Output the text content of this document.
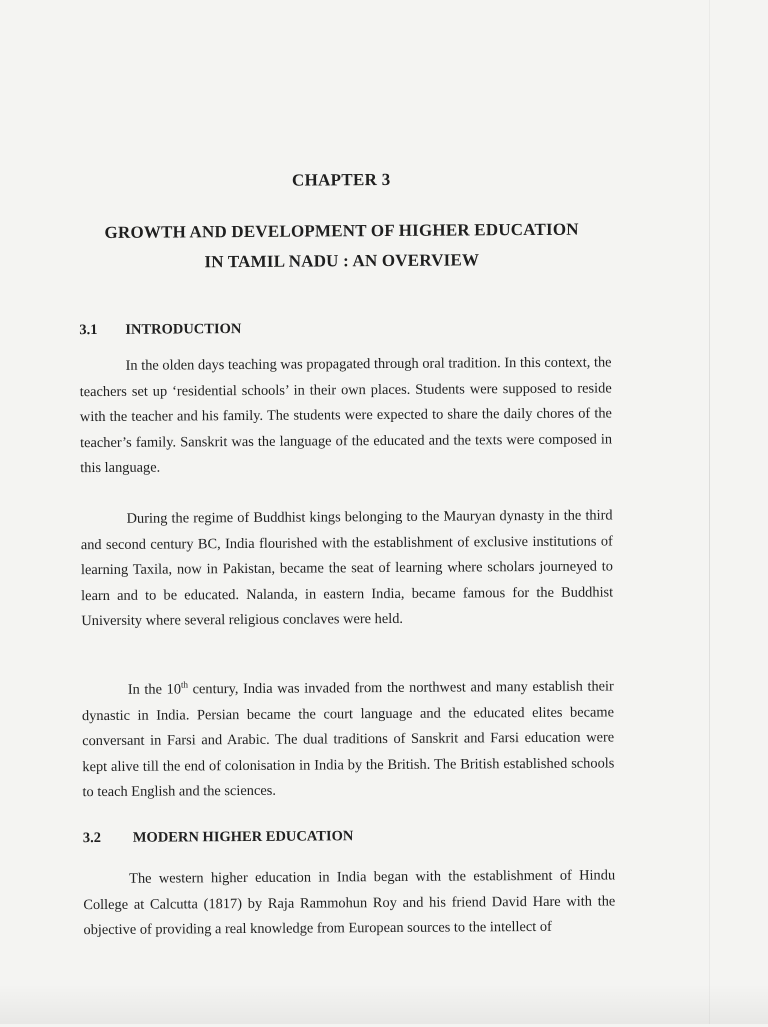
CHAPTER 3
GROWTH AND DEVELOPMENT OF HIGHER EDUCATION
IN TAMIL NADU : AN OVERVIEW
3.1 INTRODUCTION

In the olden days teaching was propagated through oral tradition. In this context, the teachers set up ‘residential schools’ in their own places. Students were supposed to reside with the teacher and his family. The students were expected to share the daily chores of the teacher’s family. Sanskrit was the language of the educated and the texts were composed in this language.

During the regime of Buddhist kings belonging to the Mauryan dynasty in the third and second century BC, India flourished with the establishment of exclusive institutions of learning Taxila, now in Pakistan, became the seat of learning where scholars journeyed to learn and to be educated. Nalanda, in eastern India, became famous for the Buddhist University where several religious conclaves were held.

In the 10th century, India was invaded from the northwest and many establish their dynastic in India. Persian became the court language and the educated elites became conversant in Farsi and Arabic. The dual traditions of Sanskrit and Farsi education were kept alive till the end of colonisation in India by the British. The British established schools to teach English and the sciences.

3.2 MODERN HIGHER EDUCATION

The western higher education in India began with the establishment of Hindu College at Calcutta (1817) by Raja Rammohun Roy and his friend David Hare with the objective of providing a real knowledge from European sources to the intellect of
